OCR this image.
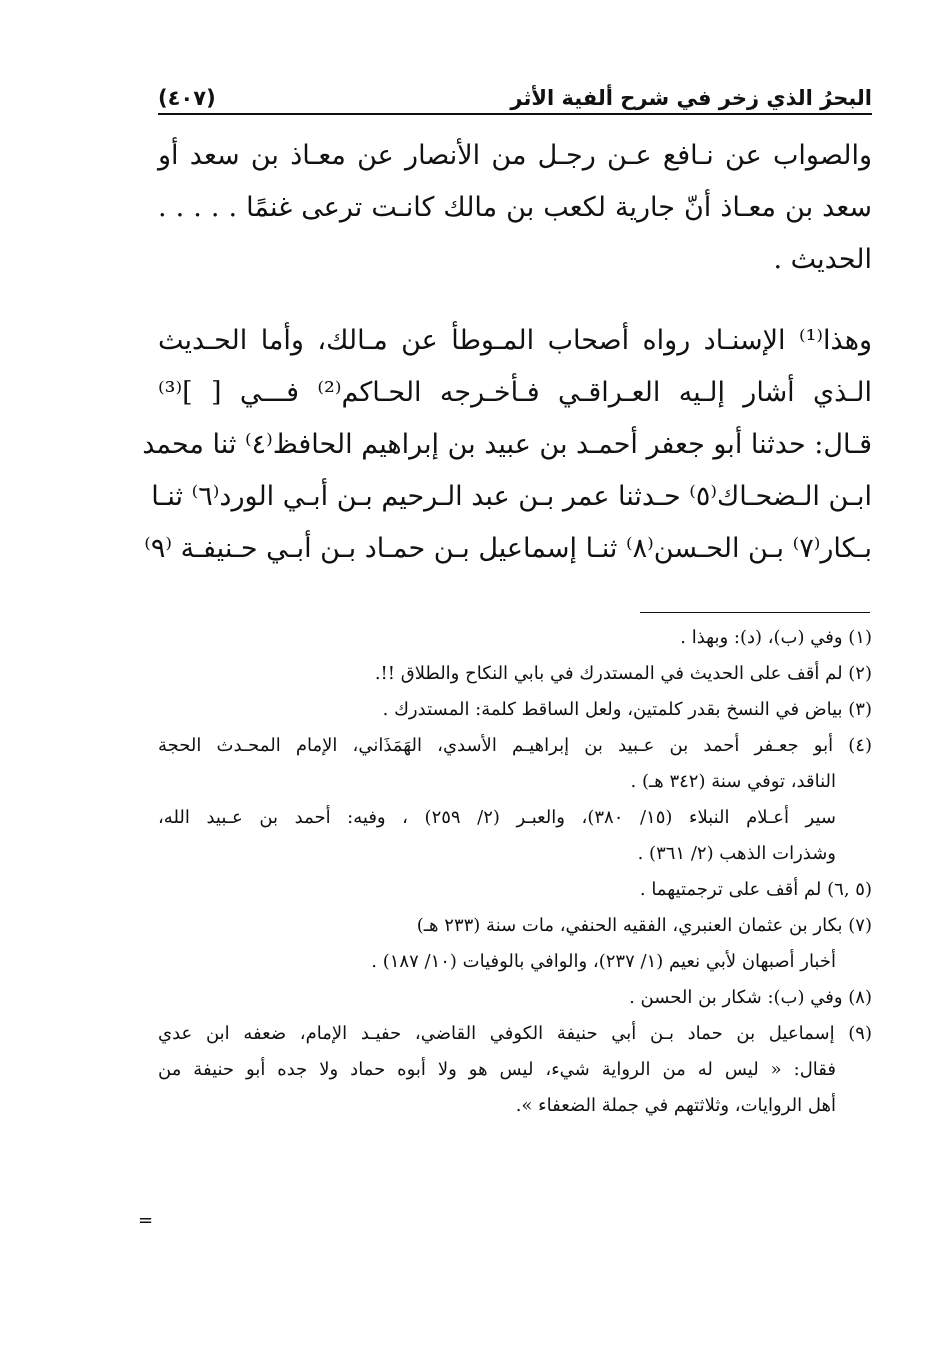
البحرُ الذي زخر في شرح ألفية الأثر
(٤٠٧)
والصواب عن نـافع عـن رجـل من الأنصار عن معـاذ بن سعد أو
سعد بن معـاذ أنّ جارية لكعب بن مالك كانـت ترعى غنمًا . . . . .
الحديث .
وهذا⁽¹⁾ الإسنـاد رواه أصحاب المـوطأ عن مـالك، وأما الحـديث
الـذي أشار إلـيه العـراقـي فـأخـرجه الحـاكم⁽²⁾ فـــي [ ]⁽³⁾
قـال: حدثنا أبو جعفر أحمـد بن عبيد بن إبراهيم الحافظ⁽٤⁾ ثنا محمد
ابـن الـضحـاك⁽٥⁾ حـدثنا عمر بـن عبد الـرحيم بـن أبـي الورد⁽٦⁾ ثنـا
بـكار⁽٧⁾ بـن الحـسن⁽٨⁾ ثنـا إسماعيل بـن حمـاد بـن أبـي حـنيفـة ⁽٩⁾
(١) وفي (ب)، (د): وبهذا .
(٢) لم أقف على الحديث في المستدرك في بابي النكاح والطلاق !!.
(٣) بياض في النسخ بقدر كلمتين، ولعل الساقط كلمة: المستدرك .
(٤) أبو جعـفر أحمد بن عـبيد بن إبراهيـم الأسدي، الهَمَذَاني، الإمام المحـدث الحجة
الناقد، توفي سنة (٣٤٢ هـ) .
سير أعـلام النبلاء (١٥/ ٣٨٠)، والعبـر (٢/ ٢٥٩) ، وفيه: أحمد بن عـبيد الله،
وشذرات الذهب (٢/ ٣٦١) .
(٥ ,٦) لم أقف على ترجمتيهما .
(٧) بكار بن عثمان العنبري، الفقيه الحنفي، مات سنة (٢٣٣ هـ)
أخبار أصبهان لأبي نعيم (١/ ٢٣٧)، والوافي بالوفيات (١٠/ ١٨٧) .
(٨) وفي (ب): شكار بن الحسن .
(٩) إسماعيل بن حماد بـن أبي حنيفة الكوفي القاضي، حفيـد الإمام، ضعفه ابن عدي
فقال: « ليس له من الرواية شيء، ليس هو ولا أبوه حماد ولا جده أبو حنيفة من
أهل الروايات، وثلاثتهم في جملة الضعفاء ».
=
